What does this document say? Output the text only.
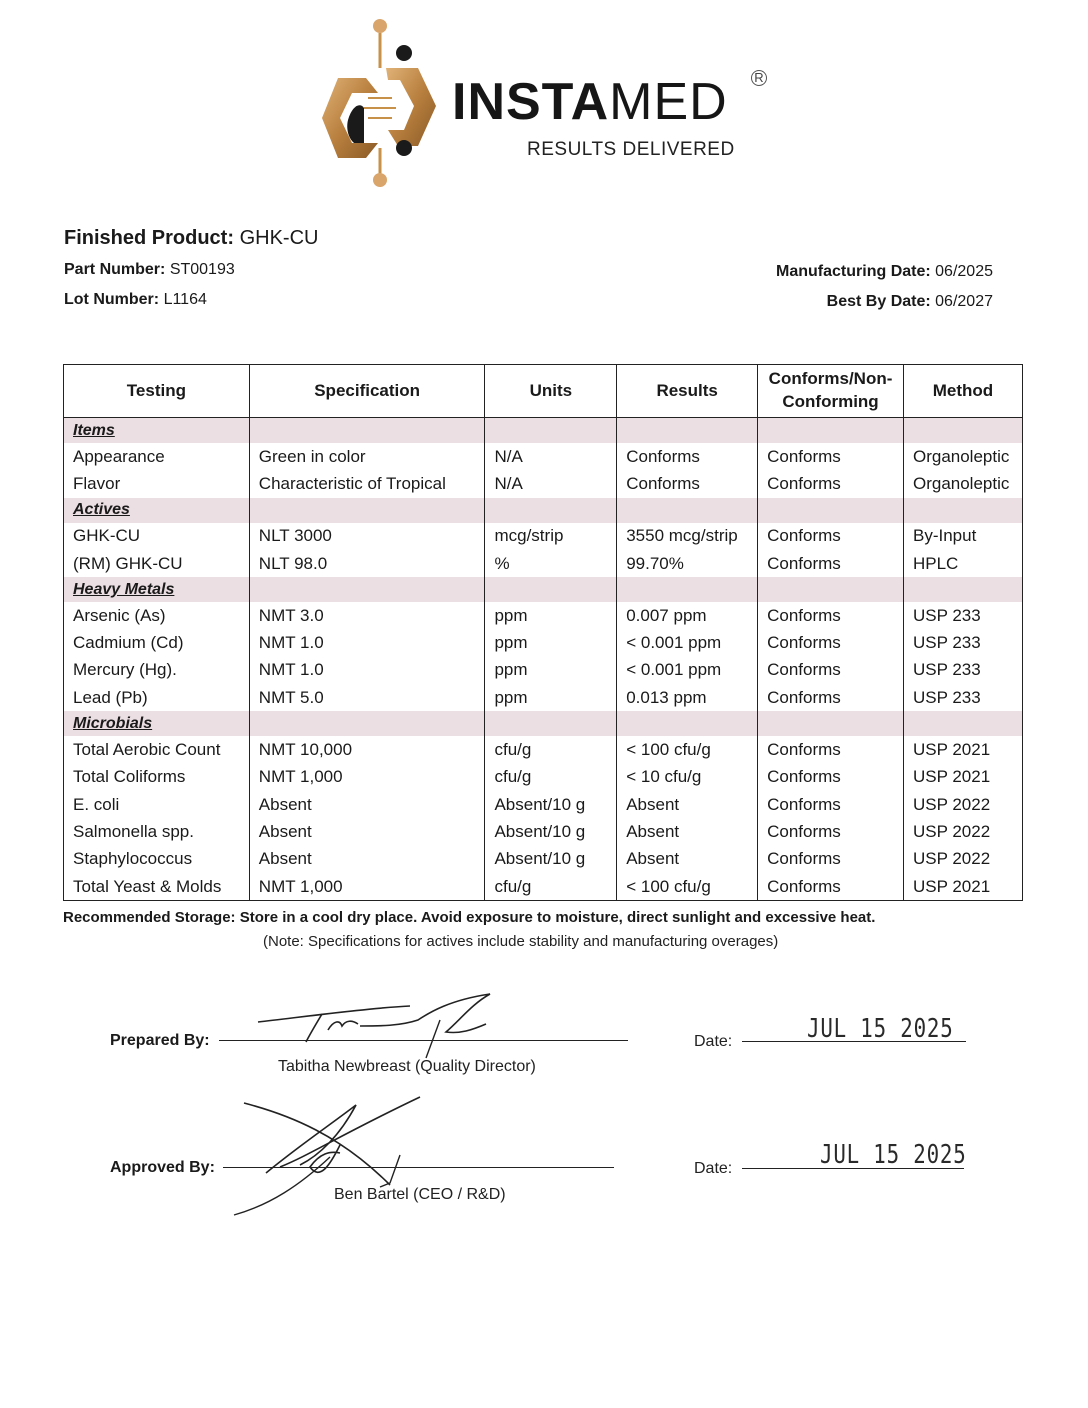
INSTAMED R
RESULTS DELIVERED
Finished Product: GHK-CU
Part Number: ST00193
Lot Number: L1164
Manufacturing Date: 06/2025
Best By Date: 06/2027
Testing	Specification	Units	Results	Conforms/Non-Conforming	Method
Items					
Appearance	Green in color	N/A	Conforms	Conforms	Organoleptic
Flavor	Characteristic of Tropical	N/A	Conforms	Conforms	Organoleptic
Actives					
GHK-CU	NLT 3000	mcg/strip	3550 mcg/strip	Conforms	By-Input
(RM) GHK-CU	NLT 98.0	%	99.70%	Conforms	HPLC
Heavy Metals					
Arsenic (As)	NMT 3.0	ppm	0.007 ppm	Conforms	USP 233
Cadmium (Cd)	NMT 1.0	ppm	< 0.001 ppm	Conforms	USP 233
Mercury (Hg).	NMT 1.0	ppm	< 0.001 ppm	Conforms	USP 233
Lead (Pb)	NMT 5.0	ppm	0.013 ppm	Conforms	USP 233
Microbials					
Total Aerobic Count	NMT 10,000	cfu/g	< 100 cfu/g	Conforms	USP 2021
Total Coliforms	NMT 1,000	cfu/g	< 10 cfu/g	Conforms	USP 2021
E. coli	Absent	Absent/10 g	Absent	Conforms	USP 2022
Salmonella spp.	Absent	Absent/10 g	Absent	Conforms	USP 2022
Staphylococcus	Absent	Absent/10 g	Absent	Conforms	USP 2022
Total Yeast & Molds	NMT 1,000	cfu/g	< 100 cfu/g	Conforms	USP 2021
Recommended Storage: Store in a cool dry place. Avoid exposure to moisture, direct sunlight and excessive heat.
(Note: Specifications for actives include stability and manufacturing overages)
Prepared By:
Tabitha Newbreast (Quality Director)
Date:	JUL 15 2025
Approved By:
Ben Bartel (CEO / R&D)
Date:	JUL 15 2025
